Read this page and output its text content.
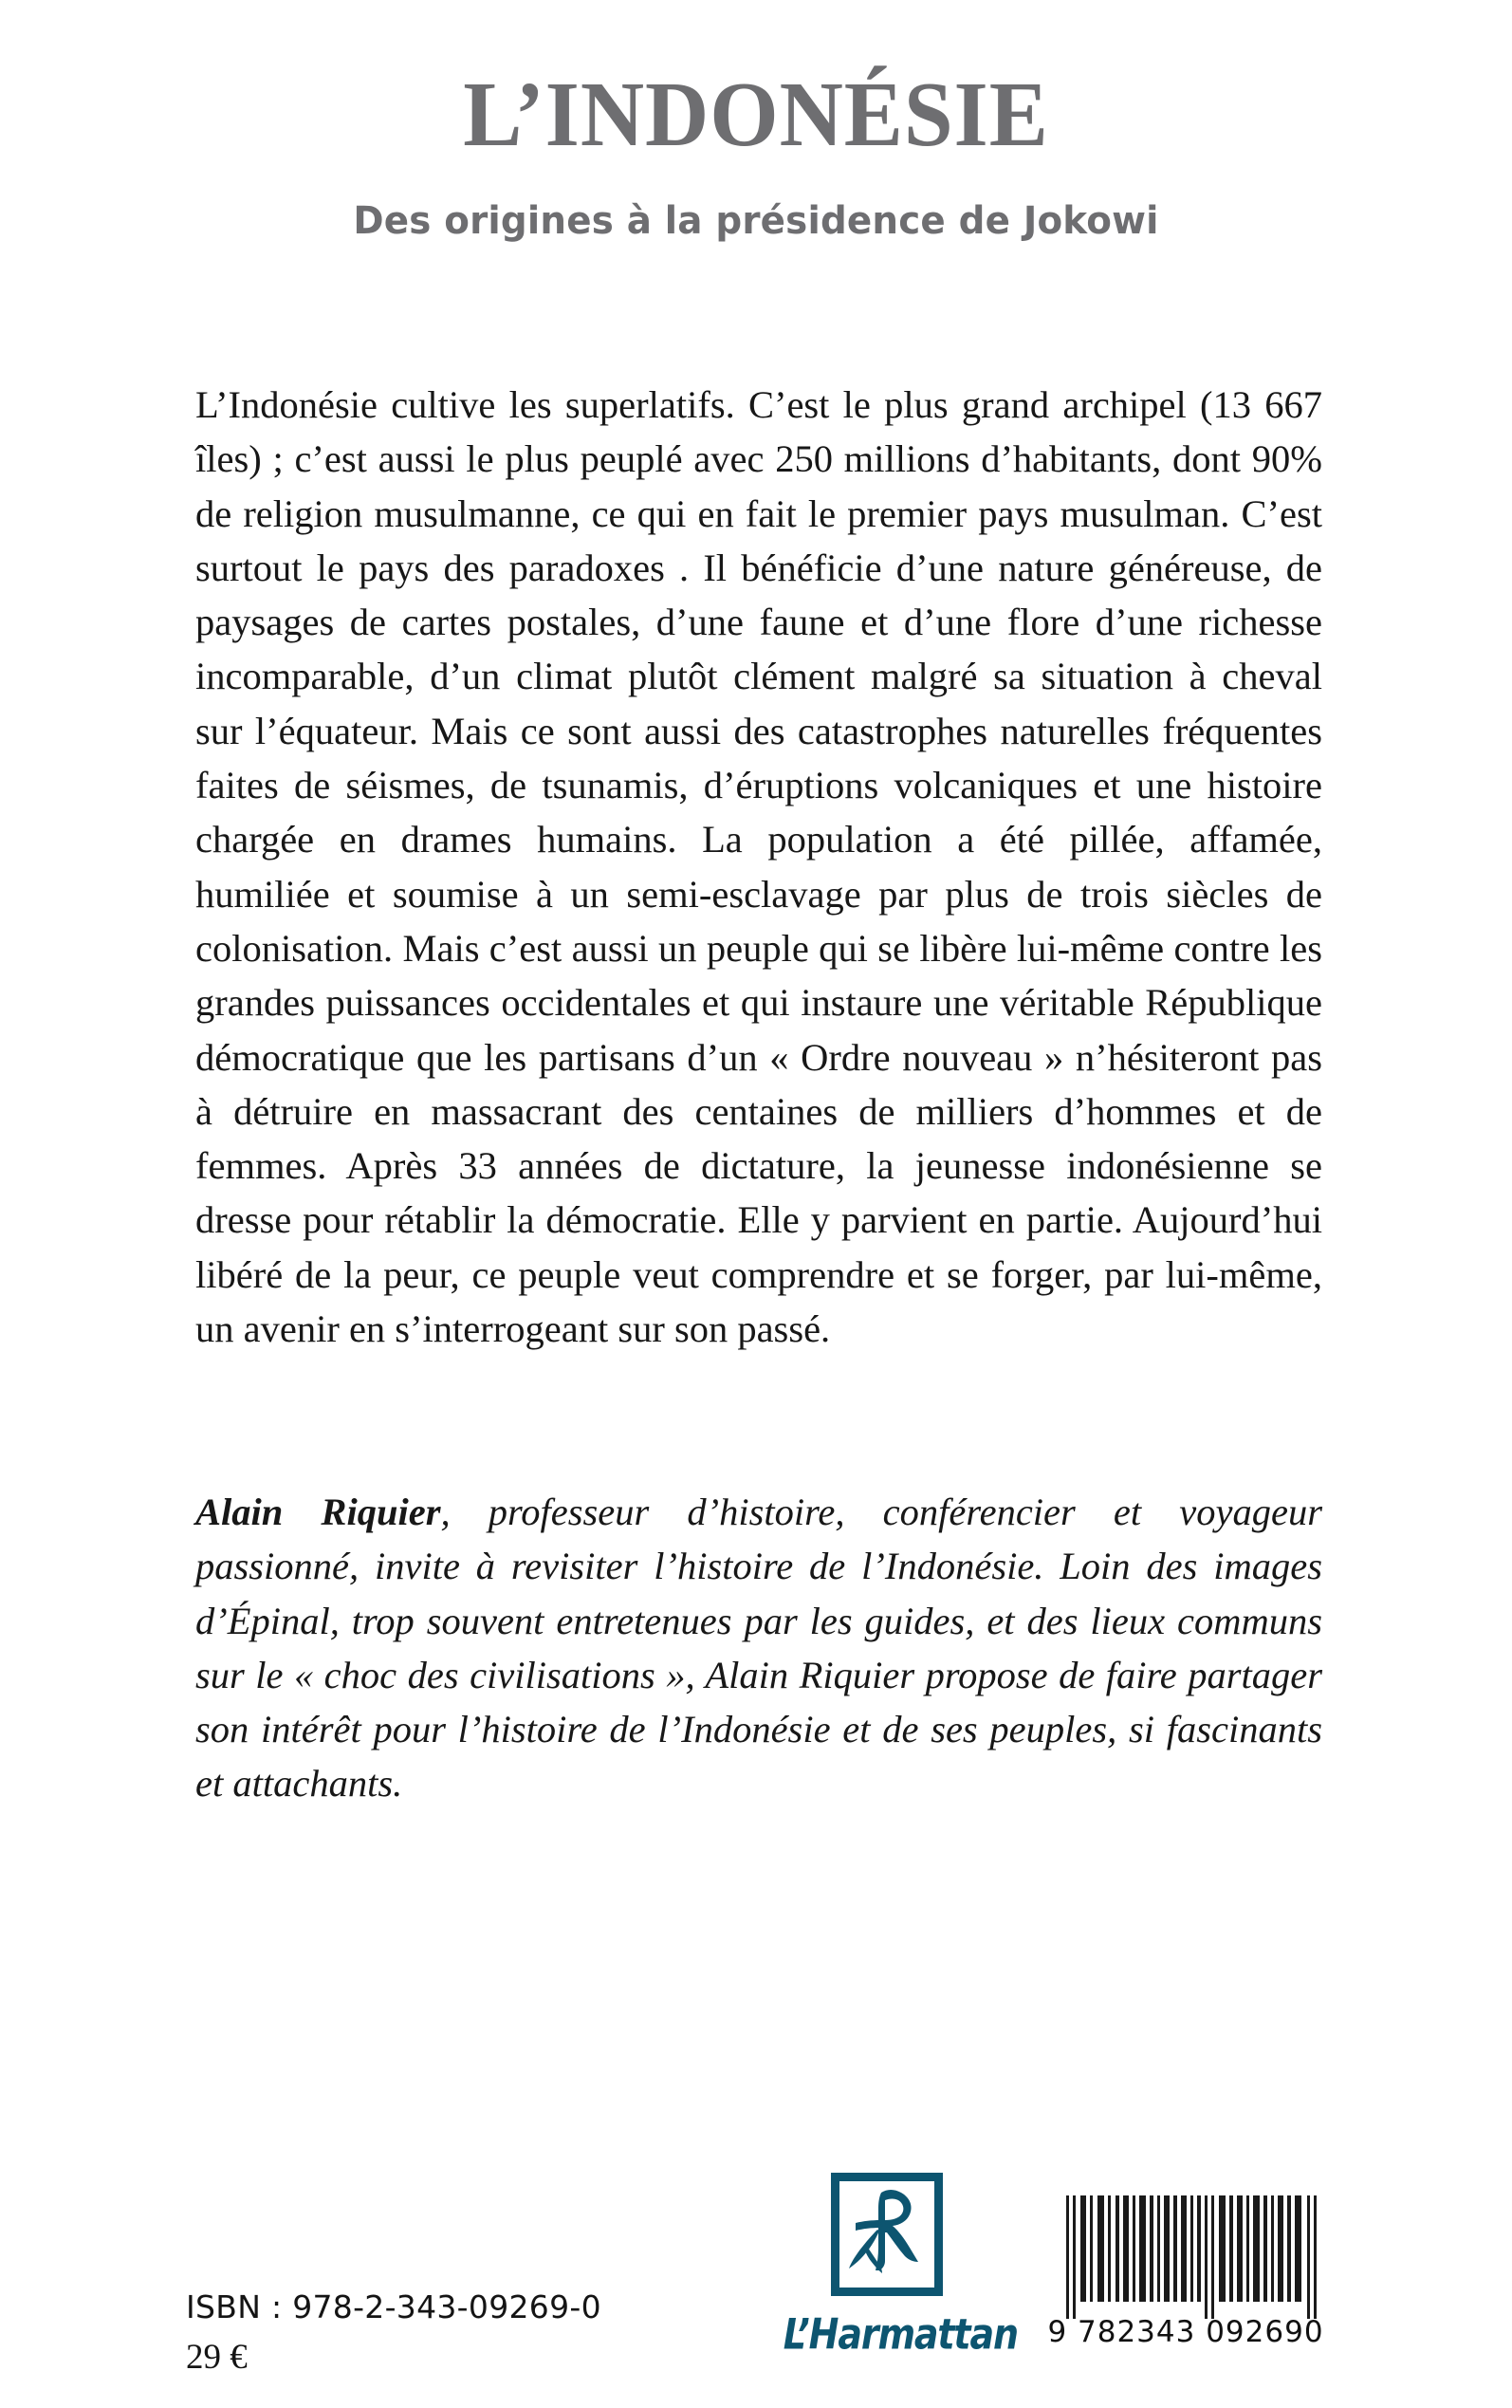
L’INDONÉSIE
Des origines à la présidence de Jokowi

L’Indonésie cultive les superlatifs. C’est le plus grand archipel (13 667 îles) ; c’est aussi le plus peuplé avec 250 millions d’habitants, dont 90% de religion musulmanne, ce qui en fait le premier pays musulman. C’est surtout le pays des paradoxes . Il bénéficie d’une nature généreuse, de paysages de cartes postales, d’une faune et d’une flore d’une richesse incomparable, d’un climat plutôt clément malgré sa situation à cheval sur l’équateur. Mais ce sont aussi des catastrophes naturelles fréquentes faites de séismes, de tsunamis, d’éruptions volcaniques et une histoire chargée en drames humains. La population a été pillée, affamée, humiliée et soumise à un semi-esclavage par plus de trois siècles de colonisation. Mais c’est aussi un peuple qui se libère lui-même contre les grandes puissances occidentales et qui instaure une véritable République démocratique que les partisans d’un « Ordre nouveau » n’hésiteront pas à détruire en massacrant des centaines de milliers d’hommes et de femmes. Après 33 années de dictature, la jeunesse indonésienne se dresse pour rétablir la démocratie. Elle y parvient en partie. Aujourd’hui libéré de la peur, ce peuple veut comprendre et se forger, par lui-même, un avenir en s’interrogeant sur son passé.

Alain Riquier, professeur d’histoire, conférencier et voyageur passionné, invite à revisiter l’histoire de l’Indonésie. Loin des images d’Épinal, trop souvent entretenues par les guides, et des lieux communs sur le « choc des civilisations », Alain Riquier propose de faire partager son intérêt pour l’histoire de l’Indonésie et de ses peuples, si fascinants et attachants.

ISBN : 978-2-343-09269-0
29 €	L’Harmattan 9 782343 092690
